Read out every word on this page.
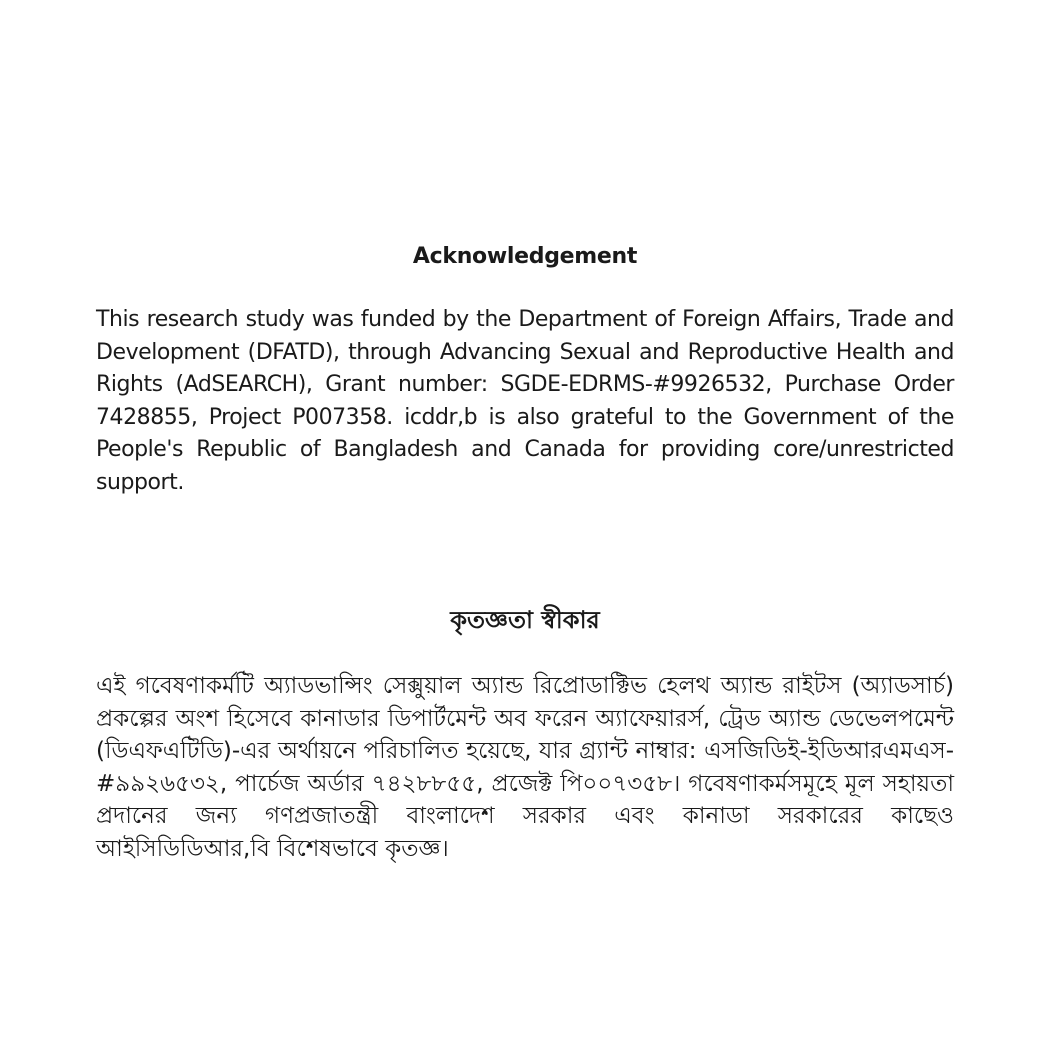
Acknowledgement

This research study was funded by the Department of Foreign Affairs, Trade and Development (DFATD), through Advancing Sexual and Reproductive Health and Rights (AdSEARCH), Grant number: SGDE-EDRMS-#9926532, Purchase Order 7428855, Project P007358. icddr,b is also grateful to the Government of the People's Republic of Bangladesh and Canada for providing core/unrestricted support.

কৃতজ্ঞতা স্বীকার

এই গবেষণাকর্মটি অ্যাডভান্সিং সেক্সুয়াল অ্যান্ড রিপ্রোডাক্টিভ হেলথ অ্যান্ড রাইটস (অ্যাডসার্চ) প্রকল্পের অংশ হিসেবে কানাডার ডিপার্টমেন্ট অব ফরেন অ্যাফেয়ারর্স, ট্রেড অ্যান্ড ডেভেলপমেন্ট (ডিএফএটিডি)-এর অর্থায়নে পরিচালিত হয়েছে, যার গ্র্যান্ট নাম্বার: এসজিডিই-ইডিআরএমএস-#৯৯২৬৫৩২, পার্চেজ অর্ডার ৭৪২৮৮৫৫, প্রজেক্ট পি০০৭৩৫৮। গবেষণাকর্মসমূহে মূল সহায়তা প্রদানের জন্য গণপ্রজাতন্ত্রী বাংলাদেশ সরকার এবং কানাডা সরকারের কাছেও আইসিডিডিআর,বি বিশেষভাবে কৃতজ্ঞ।
